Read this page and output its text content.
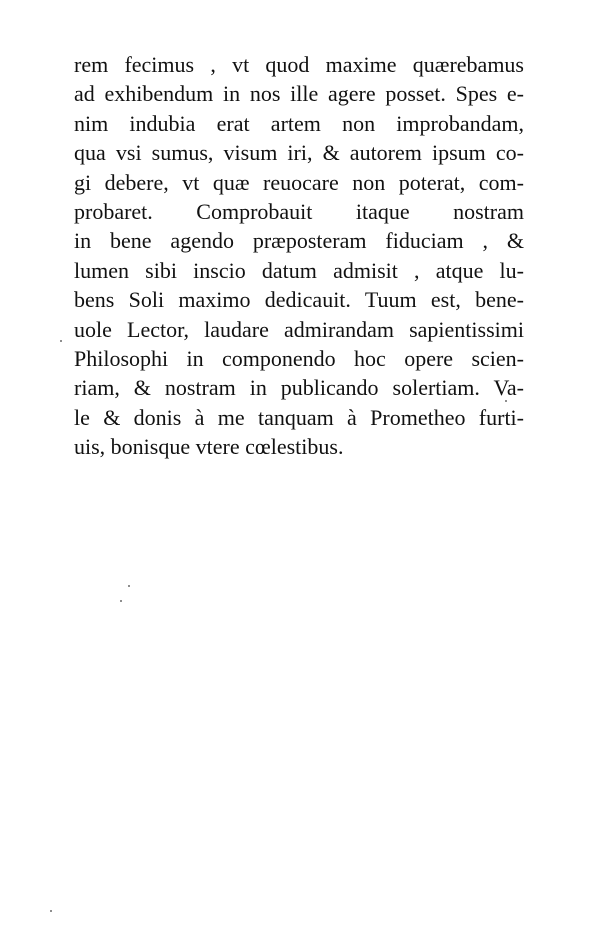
rem fecimus , vt quod maxime quærebamus
ad exhibendum in nos ille agere posset. Spes e-
nim indubia erat artem non improbandam,
qua vsi sumus, visum iri, & autorem ipsum co-
gi debere, vt quæ reuocare non poterat, com-
probaret. Comprobauit itaque nostram
in bene agendo præposteram fiduciam , &
lumen sibi inscio datum admisit , atque lu-
bens Soli maximo dedicauit. Tuum est, bene-
uole Lector, laudare admirandam sapientissimi
Philosophi in componendo hoc opere scien-
riam, & nostram in publicando solertiam. Va-
le & donis à me tanquam à Prometheo furti-
uis, bonisque vtere cœlestibus.
